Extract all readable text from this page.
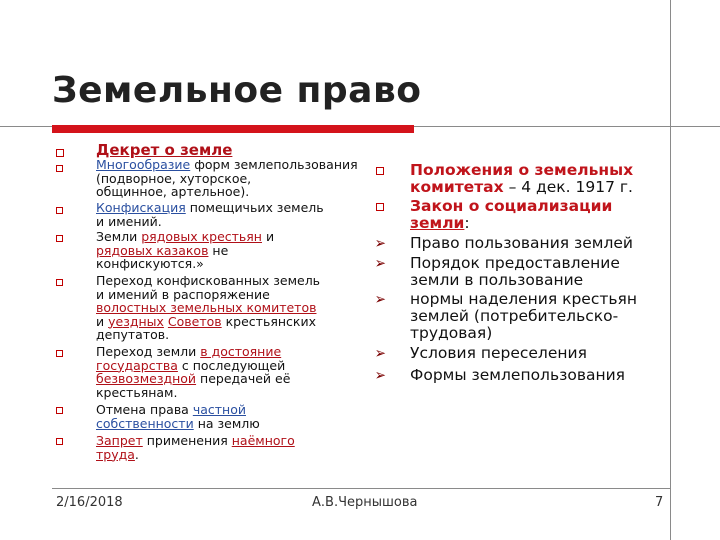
Земельное право
Декрет о земле
Многообразие форм землепользования
(подворное, хуторское,
общинное, артельное).
Конфискация помещичьих земель
и имений.
Земли рядовых крестьян и
рядовых казаков не
конфискуются.»
Переход конфискованных земель
и имений в распоряжение
волостных земельных комитетов
и уездных Советов крестьянских
депутатов.
Переход земли в достояние
государства с последующей
безвозмездной передачей её
крестьянам.
Отмена права частной
собственности на землю
Запрет применения наёмного
труда.
Положения о земельных
комитетах – 4 дек. 1917 г.
Закон о социализации
земли:
➢ Право пользования землей
➢ Порядок предоставление
земли в пользование
➢ нормы наделения крестьян
землей (потребительско-
трудовая)
➢ Условия переселения
➢ Формы землепользования
2/16/2018	А.В.Чернышова	7
